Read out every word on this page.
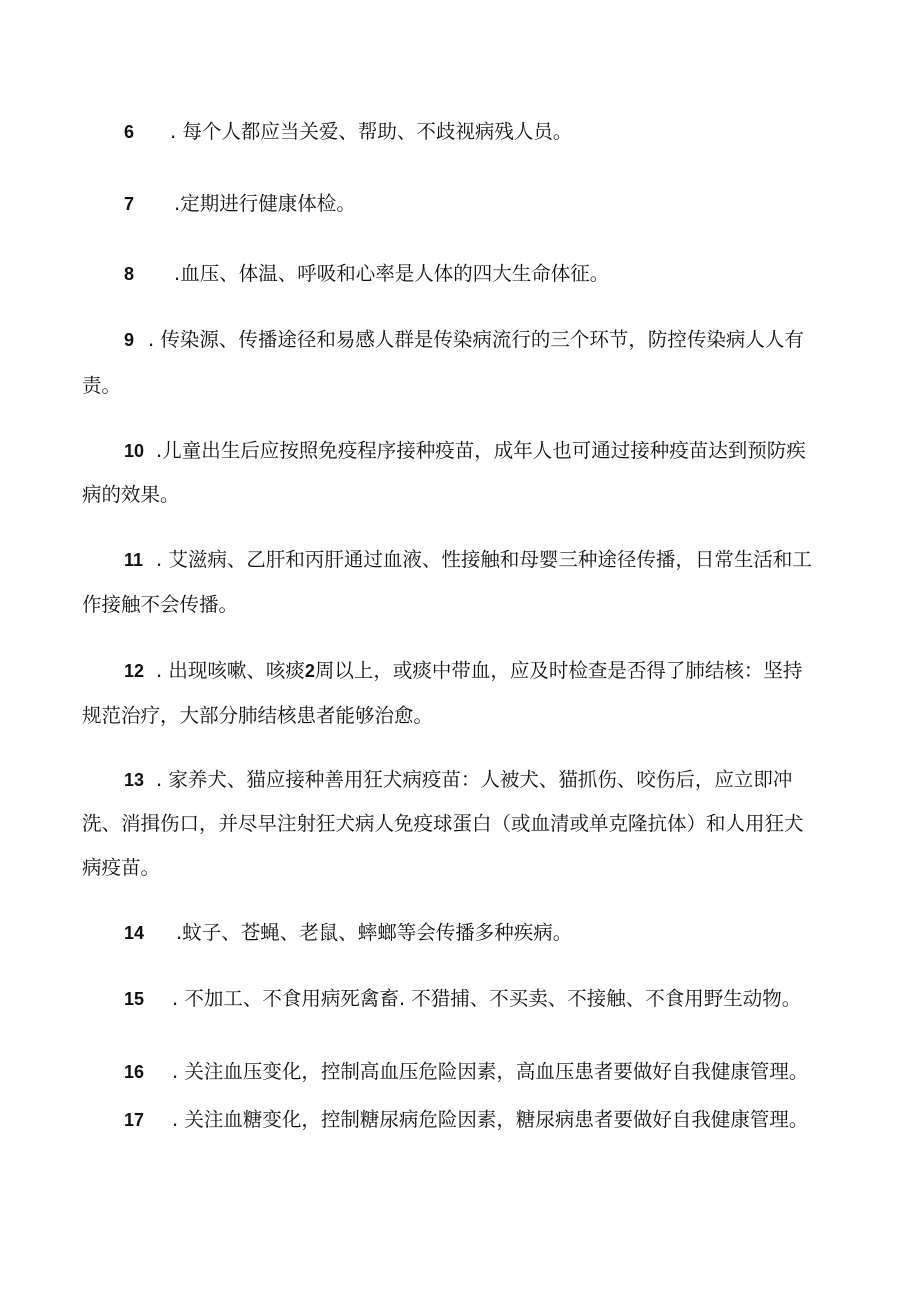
6 . 每个人都应当关爱、帮助、不歧视病残人员。
7 .定期进行健康体检。
8 .血压、体温、呼吸和心率是人体的四大生命体征。
9 . 传染源、传播途径和易感人群是传染病流行的三个环节，防控传染病人人有
责。
10 .儿童出生后应按照免疫程序接种疫苗，成年人也可通过接种疫苗达到预防疾
病的效果。
11 . 艾滋病、乙肝和丙肝通过血液、性接触和母婴三种途径传播，日常生活和工
作接触不会传播。
12 . 出现咳嗽、咳痰2周以上，或痰中带血，应及时检查是否得了肺结核：坚持
规范治疗，大部分肺结核患者能够治愈。
13 . 家养犬、猫应接种善用狂犬病疫苗：人被犬、猫抓伤、咬伤后，应立即冲
洗、消揖伤口，并尽早注射狂犬病人免疫球蛋白（或血清或单克隆抗体）和人用狂犬
病疫苗。
14 .蚊子、苍蝇、老鼠、蟀螂等会传播多种疾病。
15 . 不加工、不食用病死禽畜. 不猎捕、不买卖、不接触、不食用野生动物。
16 . 关注血压变化，控制高血压危险因素，高血压患者要做好自我健康管理。
17 . 关注血糖变化，控制糖尿病危险因素，糖尿病患者要做好自我健康管理。
